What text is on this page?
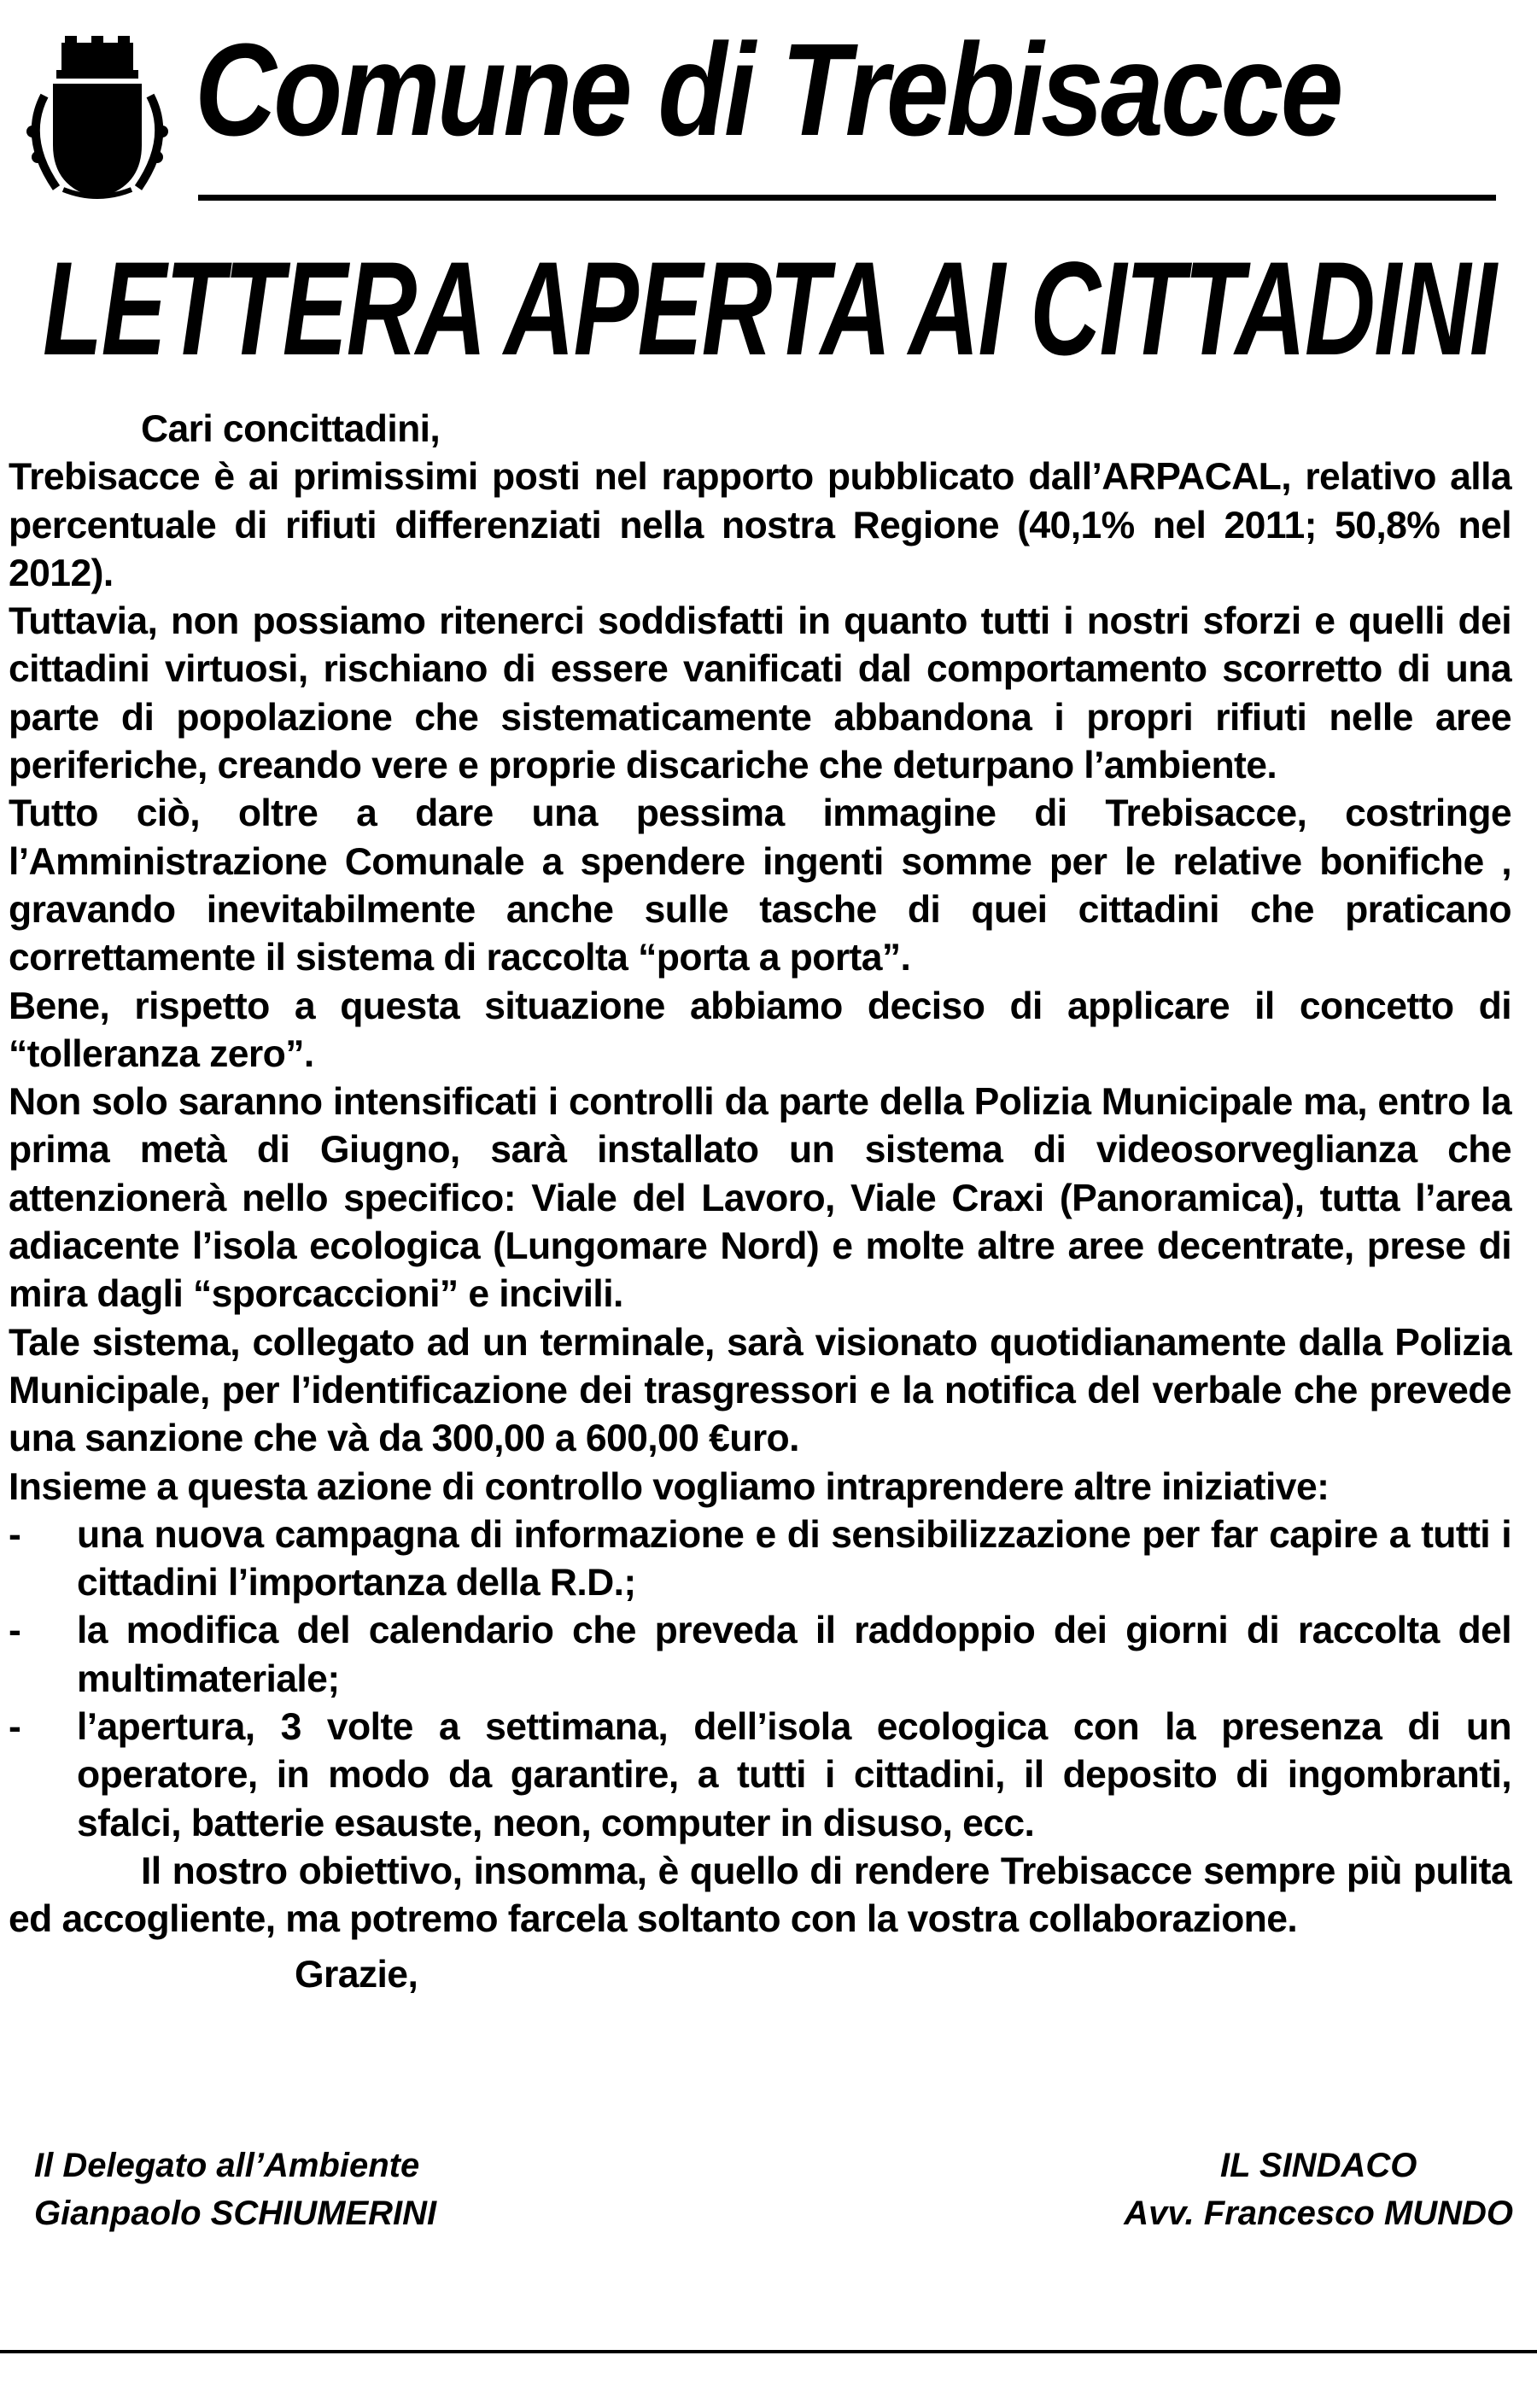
Comune di Trebisacce
LETTERA APERTA AI CITTADINI

Cari concittadini,

Trebisacce è ai primissimi posti nel rapporto pubblicato dall’ARPACAL, relativo alla percentuale di rifiuti differenziati nella nostra Regione (40,1% nel 2011; 50,8% nel 2012).

Tuttavia, non possiamo ritenerci soddisfatti in quanto tutti i nostri sforzi e quelli dei cittadini virtuosi, rischiano di essere vanificati dal comportamento scorretto di una parte di popolazione che sistematicamente abbandona i propri rifiuti nelle aree periferiche, creando vere e proprie discariche che deturpano l’ambiente.

Tutto ciò, oltre a dare una pessima immagine di Trebisacce, costringe l’Amministrazione Comunale a spendere ingenti somme per le relative bonifiche , gravando inevitabilmente anche sulle tasche di quei cittadini che praticano correttamente il sistema di raccolta “porta a porta”.

Bene, rispetto a questa situazione abbiamo deciso di applicare il concetto di “tolleranza zero”.

Non solo saranno intensificati i controlli da parte della Polizia Municipale ma, entro la prima metà di Giugno, sarà installato un sistema di videosorveglianza che attenzionerà nello specifico: Viale del Lavoro, Viale Craxi (Panoramica), tutta l’area adiacente l’isola ecologica (Lungomare Nord) e molte altre aree decentrate, prese di mira dagli “sporcaccioni” e incivili.

Tale sistema, collegato ad un terminale, sarà visionato quotidianamente dalla Polizia Municipale, per l’identificazione dei trasgressori e la notifica del verbale che prevede una sanzione che và da 300,00 a 600,00 €uro.

Insieme a questa azione di controllo vogliamo intraprendere altre iniziative:

- una nuova campagna di informazione e di sensibilizzazione per far capire a tutti i cittadini l’importanza della R.D.;
- la modifica del calendario che preveda il raddoppio dei giorni di raccolta del multimateriale;
- l’apertura, 3 volte a settimana, dell’isola ecologica con la presenza di un operatore, in modo da garantire, a tutti i cittadini, il deposito di ingombranti, sfalci, batterie esauste, neon, computer in disuso, ecc.

Il nostro obiettivo, insomma, è quello di rendere Trebisacce sempre più pulita ed accogliente, ma potremo farcela soltanto con la vostra collaborazione.

Grazie,

Il Delegato all’Ambiente
Gianpaolo SCHIUMERINI
IL SINDACO
Avv. Francesco MUNDO
